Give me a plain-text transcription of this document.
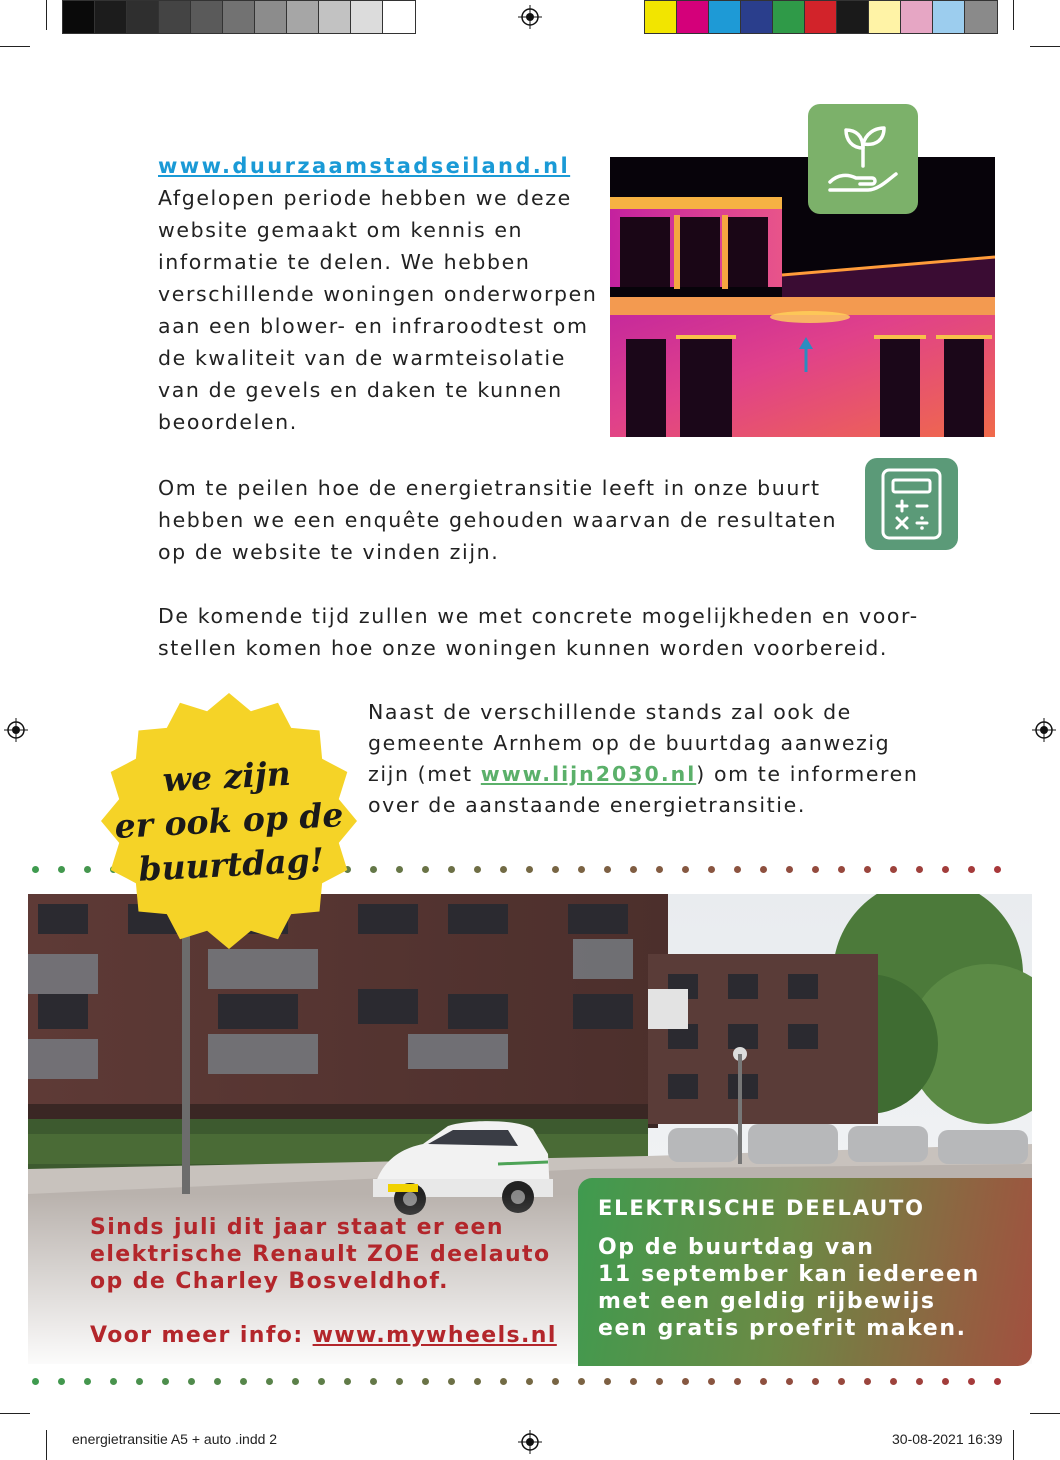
www.duurzaamstadseiland.nl
Afgelopen periode hebben we deze
website gemaakt om kennis en
informatie te delen. We hebben
verschillende woningen onderworpen
aan een blower- en infraroodtest om
de kwaliteit van de warmteisolatie
van de gevels en daken te kunnen
beoordelen.
Om te peilen hoe de energietransitie leeft in onze buurt
hebben we een enquête gehouden waarvan de resultaten
op de website te vinden zijn.
De komende tijd zullen we met concrete mogelijkheden en voor-
stellen komen hoe onze woningen kunnen worden voorbereid.
Naast de verschillende stands zal ook de
gemeente Arnhem op de buurtdag aanwezig
zijn (met www.lijn2030.nl) om te informeren
over de aanstaande energietransitie.
Sinds juli dit jaar staat er een
elektrische Renault ZOE deelauto
op de Charley Bosveldhof.
Voor meer info: www.mywheels.nl
ELEKTRISCHE DEELAUTO
Op de buurtdag van
11 september kan iedereen
met een geldig rijbewijs
een gratis proefrit maken.
we zijn
er ook op de
buurtdag!
energietransitie A5 + auto .indd 2	30-08-2021 16:39
